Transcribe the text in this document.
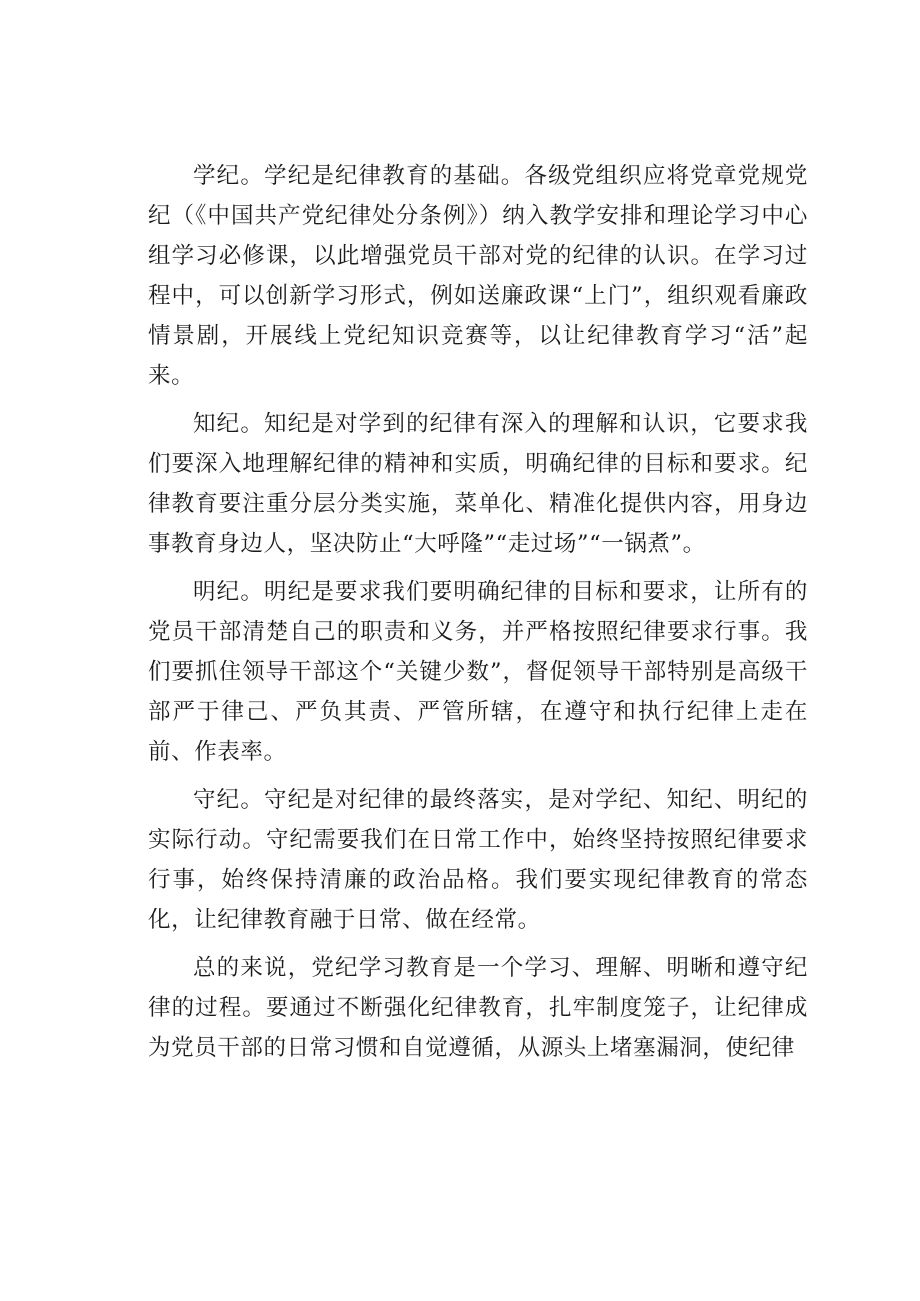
学纪。学纪是纪律教育的基础。各级党组织应将党章党规党纪（《中国共产党纪律处分条例》）纳入教学安排和理论学习中心组学习必修课，以此增强党员干部对党的纪律的认识。在学习过程中，可以创新学习形式，例如送廉政课“上门”，组织观看廉政情景剧，开展线上党纪知识竞赛等，以让纪律教育学习“活”起来。

知纪。知纪是对学到的纪律有深入的理解和认识，它要求我们要深入地理解纪律的精神和实质，明确纪律的目标和要求。纪律教育要注重分层分类实施，菜单化、精准化提供内容，用身边事教育身边人，坚决防止“大呼隆”“走过场”“一锅煮”。

明纪。明纪是要求我们要明确纪律的目标和要求，让所有的党员干部清楚自己的职责和义务，并严格按照纪律要求行事。我们要抓住领导干部这个“关键少数”，督促领导干部特别是高级干部严于律己、严负其责、严管所辖，在遵守和执行纪律上走在前、作表率。

守纪。守纪是对纪律的最终落实，是对学纪、知纪、明纪的实际行动。守纪需要我们在日常工作中，始终坚持按照纪律要求行事，始终保持清廉的政治品格。我们要实现纪律教育的常态化，让纪律教育融于日常、做在经常。

总的来说，党纪学习教育是一个学习、理解、明晰和遵守纪律的过程。要通过不断强化纪律教育，扎牢制度笼子，让纪律成为党员干部的日常习惯和自觉遵循，从源头上堵塞漏洞，使纪律
